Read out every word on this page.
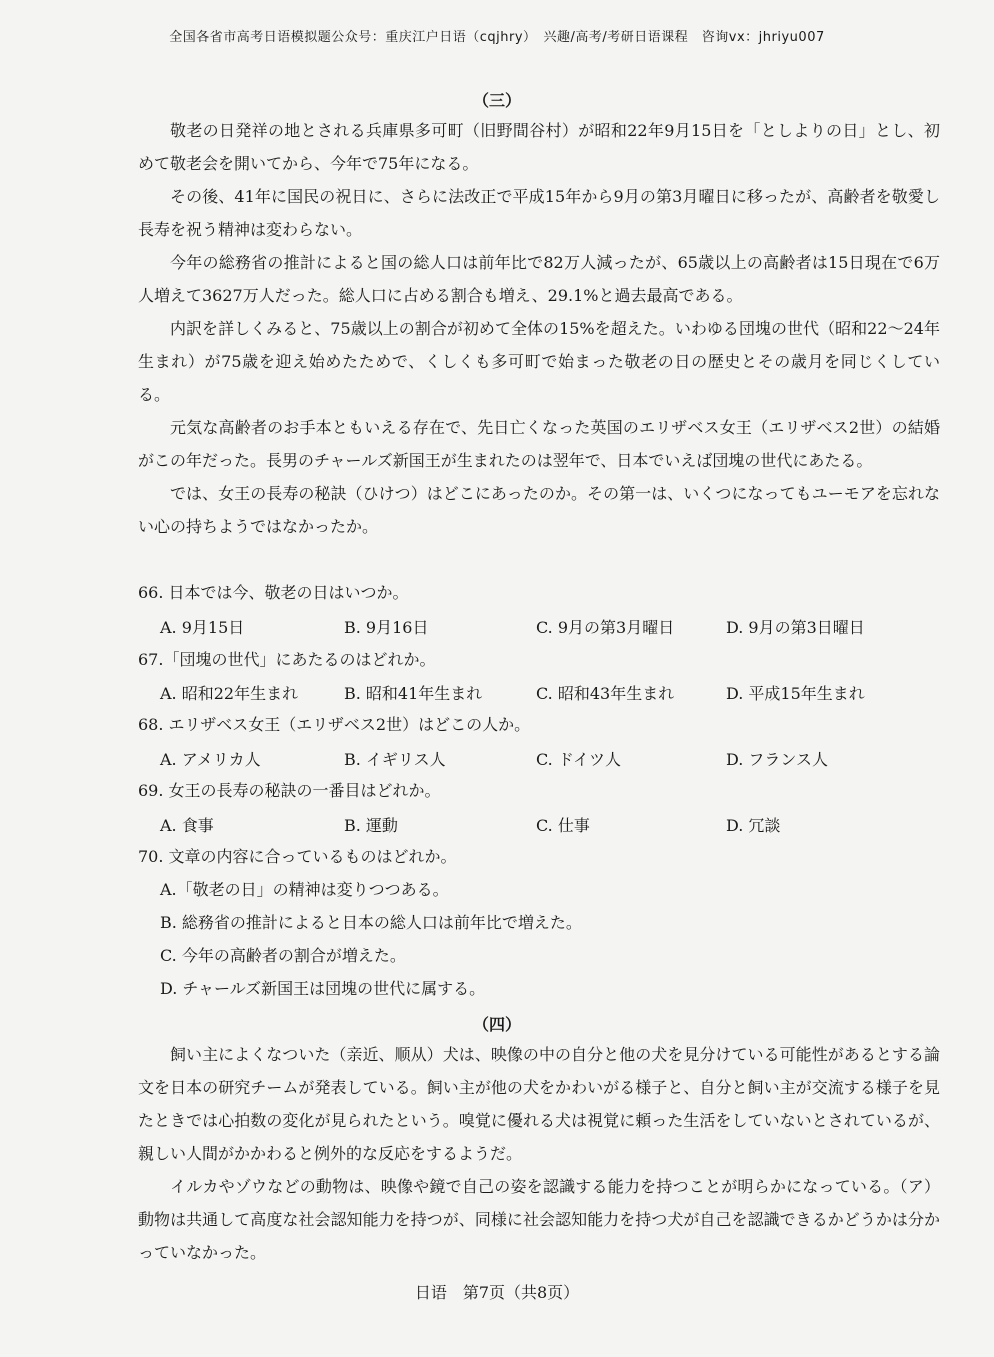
全国各省市高考日语模拟题公众号：重庆江户日语（cqjhry）　兴趣/高考/考研日语课程　咨询vx：jhriyu007
（三）

敬老の日発祥の地とされる兵庫県多可町（旧野間谷村）が昭和22年9月15日を「としよりの日」とし、初めて敬老会を開いてから、今年で75年になる。

その後、41年に国民の祝日に、さらに法改正で平成15年から9月の第3月曜日に移ったが、高齢者を敬愛し長寿を祝う精神は変わらない。

今年の総務省の推計によると国の総人口は前年比で82万人減ったが、65歳以上の高齢者は15日現在で6万人増えて3627万人だった。総人口に占める割合も増え、29.1%と過去最高である。

内訳を詳しくみると、75歳以上の割合が初めて全体の15%を超えた。いわゆる団塊の世代（昭和22～24年生まれ）が75歳を迎え始めたためで、くしくも多可町で始まった敬老の日の歴史とその歳月を同じくしている。

元気な高齢者のお手本ともいえる存在で、先日亡くなった英国のエリザベス女王（エリザベス2世）の結婚がこの年だった。長男のチャールズ新国王が生まれたのは翌年で、日本でいえば団塊の世代にあたる。

では、女王の長寿の秘訣（ひけつ）はどこにあったのか。その第一は、いくつになってもユーモアを忘れない心の持ちようではなかったか。

66. 日本では今、敬老の日はいつか。
A. 9月15日	B. 9月16日	C. 9月の第3月曜日	D. 9月の第3日曜日
67.「団塊の世代」にあたるのはどれか。
A. 昭和22年生まれ	B. 昭和41年生まれ	C. 昭和43年生まれ	D. 平成15年生まれ
68. エリザベス女王（エリザベス2世）はどこの人か。
A. アメリカ人	B. イギリス人	C. ドイツ人	D. フランス人
69. 女王の長寿の秘訣の一番目はどれか。
A. 食事	B. 運動	C. 仕事	D. 冗談
70. 文章の内容に合っているものはどれか。
A.「敬老の日」の精神は変りつつある。
B. 総務省の推計によると日本の総人口は前年比で増えた。
C. 今年の高齢者の割合が増えた。
D. チャールズ新国王は団塊の世代に属する。
（四）

飼い主によくなついた（亲近、顺从）犬は、映像の中の自分と他の犬を見分けている可能性があるとする論文を日本の研究チームが発表している。飼い主が他の犬をかわいがる様子と、自分と飼い主が交流する様子を見たときでは心拍数の変化が見られたという。嗅覚に優れる犬は視覚に頼った生活をしていないとされているが、親しい人間がかかわると例外的な反応をするようだ。

イルカやゾウなどの動物は、映像や鏡で自己の姿を認識する能力を持つことが明らかになっている。（ア）動物は共通して高度な社会認知能力を持つが、同様に社会認知能力を持つ犬が自己を認識できるかどうかは分かっていなかった。

日语　第7页（共8页）
